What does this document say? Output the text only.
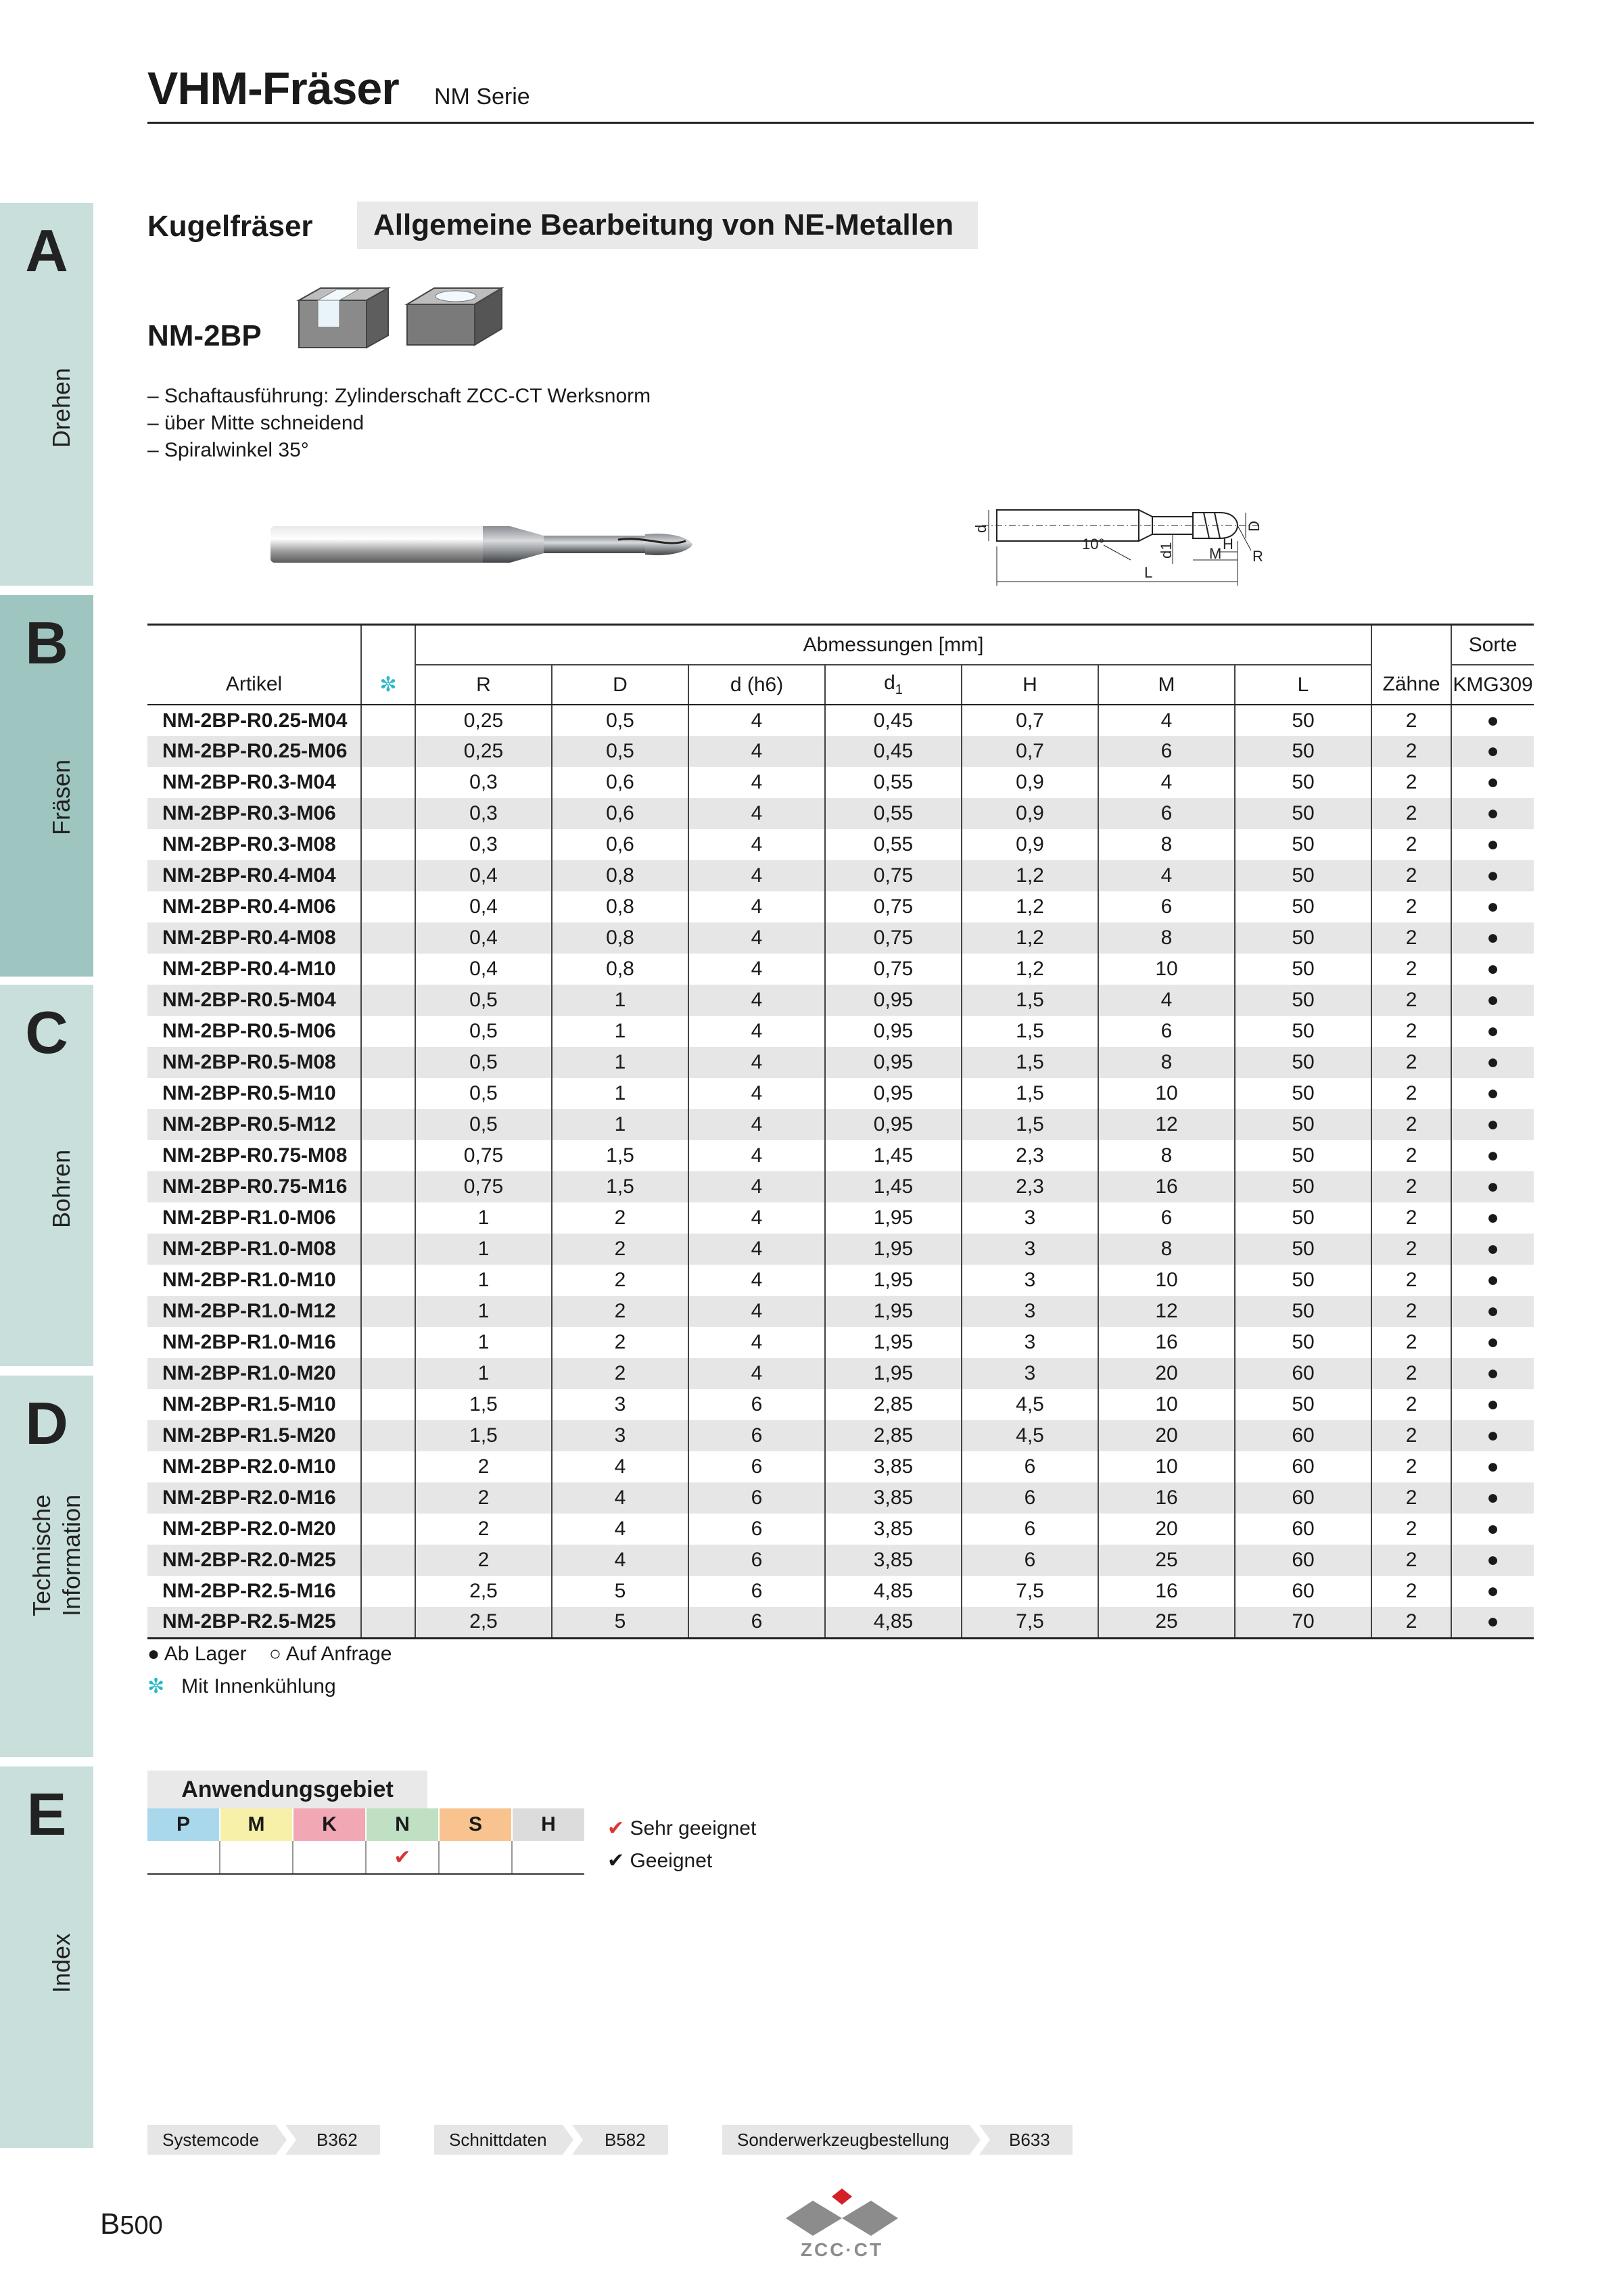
VHM-Fräser NM Serie
A
Drehen
B
Fräsen
C
Bohren
D
Technische
Information
E
Index
Kugelfräser Allgemeine Bearbeitung von NE-Metallen
NM-2BP
– Schaftausführung: Zylinderschaft ZCC-CT Werksnorm
– über Mitte schneidend
– Spiralwinkel 35°
d	D
10°	d1	H
M R
L
		Abmessungen [mm]								Sorte
Artikel	✼	R	D	d (h6)	$d_1$	H	M	L	Zähne	KMG309
NM-2BP-R0.25-M04		0,25	0,5	4	0,45	0,7	4	50	2	●
NM-2BP-R0.25-M06		0,25	0,5	4	0,45	0,7	6	50	2	●
NM-2BP-R0.3-M04		0,3	0,6	4	0,55	0,9	4	50	2	●
NM-2BP-R0.3-M06		0,3	0,6	4	0,55	0,9	6	50	2	●
NM-2BP-R0.3-M08		0,3	0,6	4	0,55	0,9	8	50	2	●
NM-2BP-R0.4-M04		0,4	0,8	4	0,75	1,2	4	50	2	●
NM-2BP-R0.4-M06		0,4	0,8	4	0,75	1,2	6	50	2	●
NM-2BP-R0.4-M08		0,4	0,8	4	0,75	1,2	8	50	2	●
NM-2BP-R0.4-M10		0,4	0,8	4	0,75	1,2	10	50	2	●
NM-2BP-R0.5-M04		0,5	1	4	0,95	1,5	4	50	2	●
NM-2BP-R0.5-M06		0,5	1	4	0,95	1,5	6	50	2	●
NM-2BP-R0.5-M08		0,5	1	4	0,95	1,5	8	50	2	●
NM-2BP-R0.5-M10		0,5	1	4	0,95	1,5	10	50	2	●
NM-2BP-R0.5-M12		0,5	1	4	0,95	1,5	12	50	2	●
NM-2BP-R0.75-M08		0,75	1,5	4	1,45	2,3	8	50	2	●
NM-2BP-R0.75-M16		0,75	1,5	4	1,45	2,3	16	50	2	●
NM-2BP-R1.0-M06		1	2	4	1,95	3	6	50	2	●
NM-2BP-R1.0-M08		1	2	4	1,95	3	8	50	2	●
NM-2BP-R1.0-M10		1	2	4	1,95	3	10	50	2	●
NM-2BP-R1.0-M12		1	2	4	1,95	3	12	50	2	●
NM-2BP-R1.0-M16		1	2	4	1,95	3	16	50	2	●
NM-2BP-R1.0-M20		1	2	4	1,95	3	20	60	2	●
NM-2BP-R1.5-M10		1,5	3	6	2,85	4,5	10	50	2	●
NM-2BP-R1.5-M20		1,5	3	6	2,85	4,5	20	60	2	●
NM-2BP-R2.0-M10		2	4	6	3,85	6	10	60	2	●
NM-2BP-R2.0-M16		2	4	6	3,85	6	16	60	2	●
NM-2BP-R2.0-M20		2	4	6	3,85	6	20	60	2	●
NM-2BP-R2.0-M25		2	4	6	3,85	6	25	60	2	●
NM-2BP-R2.5-M16		2,5	5	6	4,85	7,5	16	60	2	●
NM-2BP-R2.5-M25		2,5	5	6	4,85	7,5	25	70	2	●
● Ab Lager ○ Auf Anfrage
✼ Mit Innenkühlung
Anwendungsgebiet
P	M	K	N	S	H
			✔		
✔ Sehr geeignet
✔ Geeignet
Systemcode	B362	Schnittdaten	B582	Sonderwerkzeugbestellung	B633
B500
ZCC·CT
